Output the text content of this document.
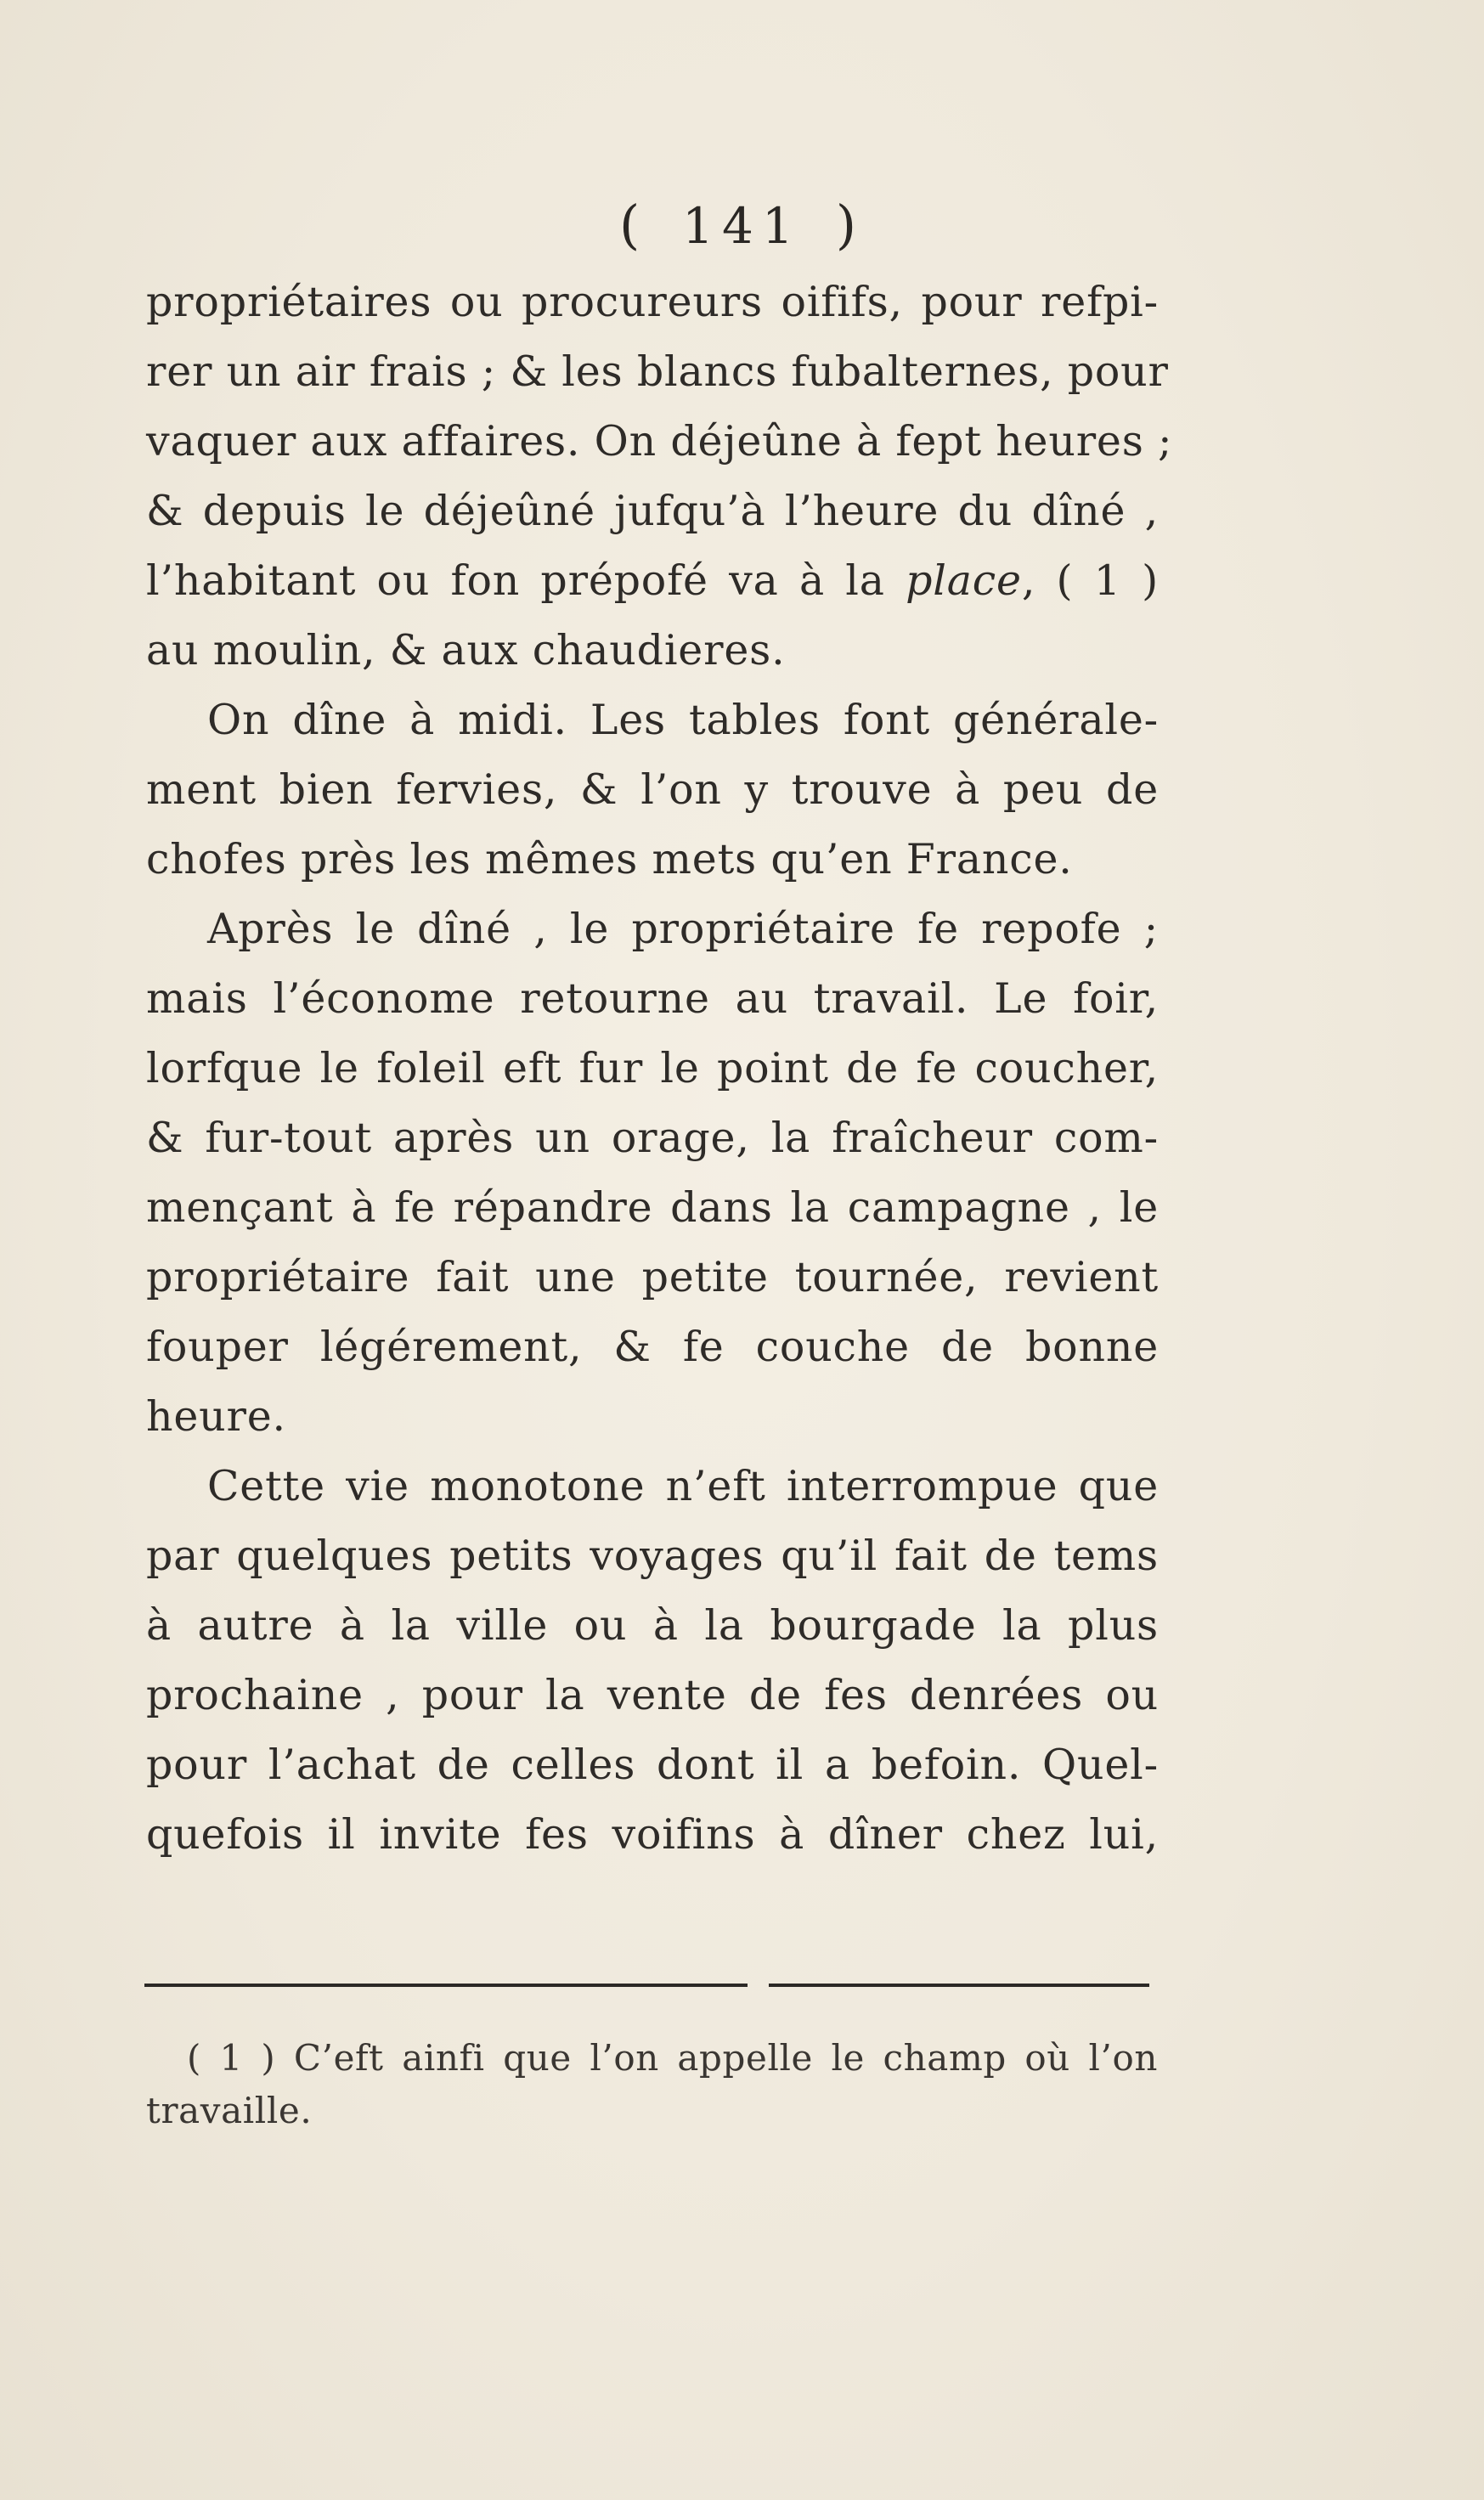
( 141 )
propriétaires ou procureurs oififs, pour refpi-
rer un air frais ; & les blancs fubalternes, pour
vaquer aux affaires. On déjeûne à fept heures ;
& depuis le déjeûné jufqu’à l’heure du dîné ,
l’habitant ou fon prépofé va à la place, ( 1 )
au moulin, & aux chaudieres.
On dîne à midi. Les tables font générale-
ment bien fervies, & l’on y trouve à peu de
chofes près les mêmes mets qu’en France.
Après le dîné , le propriétaire fe repofe ;
mais l’économe retourne au travail. Le foir,
lorfque le foleil eft fur le point de fe coucher,
& fur-tout après un orage, la fraîcheur com-
mençant à fe répandre dans la campagne , le
propriétaire fait une petite tournée, revient
fouper légérement, & fe couche de bonne
heure.
Cette vie monotone n’eft interrompue que
par quelques petits voyages qu’il fait de tems
à autre à la ville ou à la bourgade la plus
prochaine , pour la vente de fes denrées ou
pour l’achat de celles dont il a befoin. Quel-
quefois il invite fes voifins à dîner chez lui,
( 1 ) C’eft ainfi que l’on appelle le champ où l’on
travaille.
